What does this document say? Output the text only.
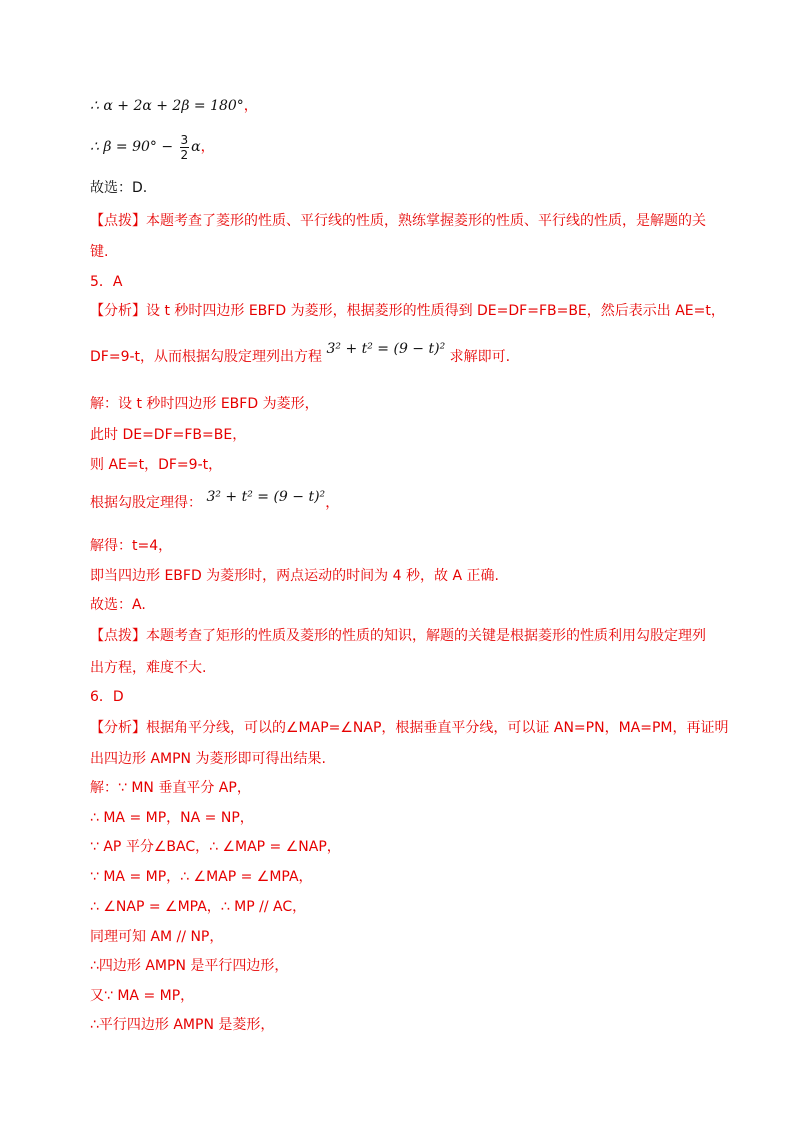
∴ α + 2α + 2β = 180°，
∴ $\beta = 90^\circ - \frac{3}{2}$ α，
故选：D.
【点拨】本题考查了菱形的性质、平行线的性质，熟练掌握菱形的性质、平行线的性质，是解题的关
键.
5．A
【分析】设 t 秒时四边形 EBFD 为菱形，根据菱形的性质得到 DE=DF=FB=BE，然后表示出 AE=t，
DF=9-t，从而根据勾股定理列出方程 3² + t² = (9 − t)² 求解即可.
解：设 t 秒时四边形 EBFD 为菱形，
此时 DE=DF=FB=BE，
则 AE=t，DF=9-t，
根据勾股定理得： 3² + t² = (9 − t)²，
解得：t=4，
即当四边形 EBFD 为菱形时，两点运动的时间为 4 秒，故 A 正确.
故选：A.
【点拨】本题考查了矩形的性质及菱形的性质的知识，解题的关键是根据菱形的性质利用勾股定理列
出方程，难度不大.
6．D
【分析】根据角平分线，可以的∠MAP=∠NAP，根据垂直平分线，可以证 AN=PN，MA=PM，再证明
出四边形 AMPN 为菱形即可得出结果.
解：∵ MN 垂直平分 AP，
∴ MA = MP，NA = NP，
∵ AP 平分∠BAC，∴ ∠MAP = ∠NAP，
∵ MA = MP，∴ ∠MAP = ∠MPA，
∴ ∠NAP = ∠MPA，∴ MP // AC，
同理可知 AM // NP，
∴四边形 AMPN 是平行四边形，
又∵ MA = MP，
∴平行四边形 AMPN 是菱形，
